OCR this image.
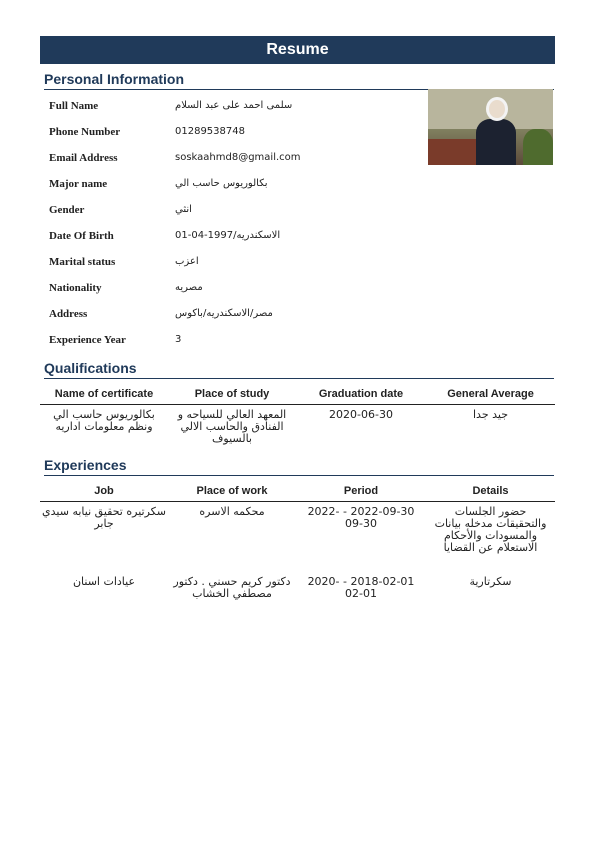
Resume
Personal Information
Full Name	سلمى احمد على عبد السلام
Phone Number	01289538748
Email Address	soskaahmd8@gmail.com
Major name	بكالوريوس حاسب الي
Gender	انثي
Date Of Birth	01-04-1997/الاسكندريه
Marital status	اعزب
Nationality	مصريه
Address	مصر/الاسكندريه/باكوس
Experience Year	3
Qualifications
Name of certificate	Place of study	Graduation date	General Average
بكالوريوس حاسب الي ونظم معلومات اداريه	المعهد العالي للسياحه و الفنادق والحاسب الالي بالسيوف	2020-06-30	جيد جدا
Experiences
Job	Place of work	Period	Details
سكرتيره تحقيق نيابه سيدي جابر	محكمه الاسره	2022- - 2022-09-30 09-30	حضور الجلسات والتحقيقات مدخله بيانات والمسودات والأحكام الاستعلام عن القضايا
عيادات اسنان	دكتور كريم حسني . دكتور مصطفي الخشاب	2020- - 2018-02-01 02-01	سكرتارية
